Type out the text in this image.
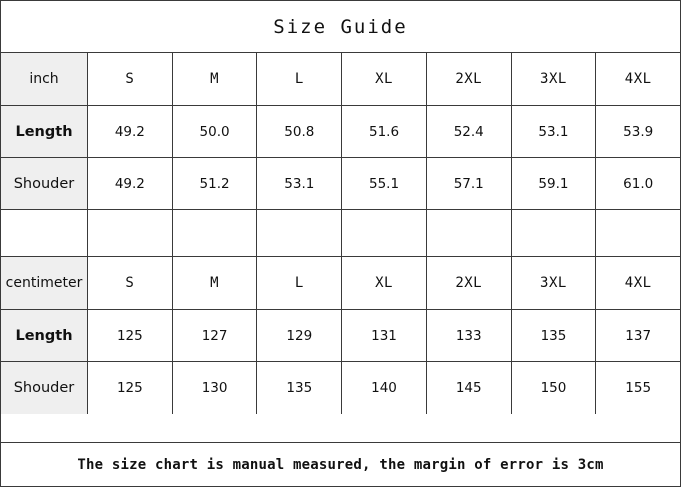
Size Guide
inch	S	M	L	XL	2XL	3XL	4XL
Length	49.2	50.0	50.8	51.6	52.4	53.1	53.9
Shouder	49.2	51.2	53.1	55.1	57.1	59.1	61.0
centimeter	S	M	L	XL	2XL	3XL	4XL
Length	125	127	129	131	133	135	137
Shouder	125	130	135	140	145	150	155
The size chart is manual measured, the margin of error is 3cm
